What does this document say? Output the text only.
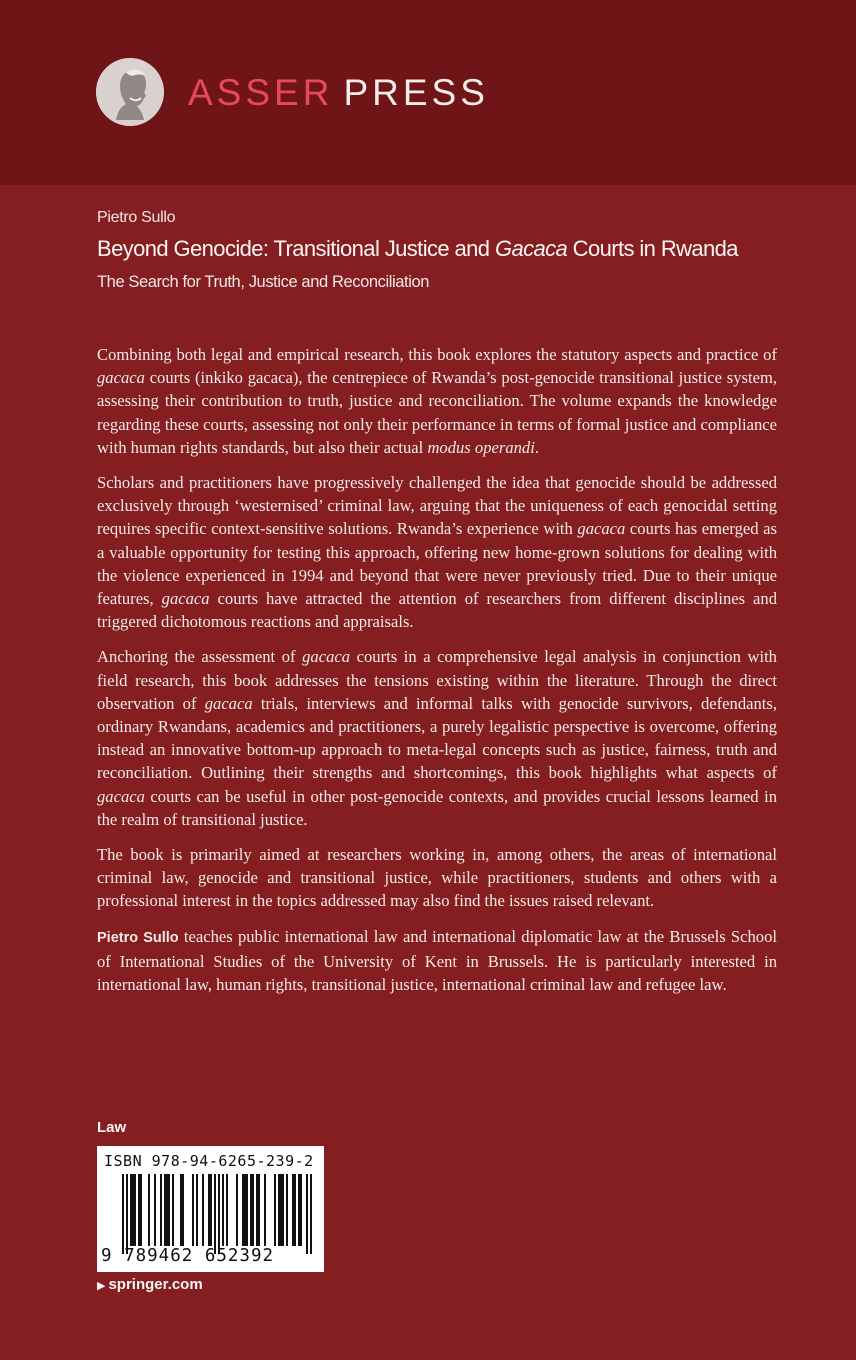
ASSER PRESS
Pietro Sullo
Beyond Genocide: Transitional Justice and Gacaca Courts in Rwanda
The Search for Truth, Justice and Reconciliation

Combining both legal and empirical research, this book explores the statutory aspects and practice of gacaca courts (inkiko gacaca), the centrepiece of Rwanda’s post-genocide transitional justice system, assessing their contribution to truth, justice and reconciliation. The volume expands the knowledge regarding these courts, assessing not only their performance in terms of formal justice and compliance with human rights standards, but also their actual modus operandi.

Scholars and practitioners have progressively challenged the idea that genocide should be addressed exclusively through ‘westernised’ criminal law, arguing that the uniqueness of each genocidal setting requires specific context-sensitive solutions. Rwanda’s experience with gacaca courts has emerged as a valuable opportunity for testing this approach, offering new home-grown solutions for dealing with the violence experienced in 1994 and beyond that were never previously tried. Due to their unique features, gacaca courts have attracted the attention of researchers from different disciplines and triggered dichotomous reactions and appraisals.

Anchoring the assessment of gacaca courts in a comprehensive legal analysis in conjunction with field research, this book addresses the tensions existing within the literature. Through the direct observation of gacaca trials, interviews and informal talks with genocide survivors, defendants, ordinary Rwandans, academics and practitioners, a purely legalistic perspective is overcome, offering instead an innovative bottom-up approach to meta-legal concepts such as justice, fairness, truth and reconciliation. Outlining their strengths and shortcomings, this book highlights what aspects of gacaca courts can be useful in other post-genocide contexts, and provides crucial lessons learned in the realm of transitional justice.

The book is primarily aimed at researchers working in, among others, the areas of international criminal law, genocide and transitional justice, while practitioners, students and others with a professional interest in the topics addressed may also find the issues raised relevant.

Pietro Sullo teaches public international law and international diplomatic law at the Brussels School of International Studies of the University of Kent in Brussels. He is particularly interested in international law, human rights, transitional justice, international criminal law and refugee law.

Law
ISBN 978-94-6265-239-2
9 789462 652392
▶ springer.com
